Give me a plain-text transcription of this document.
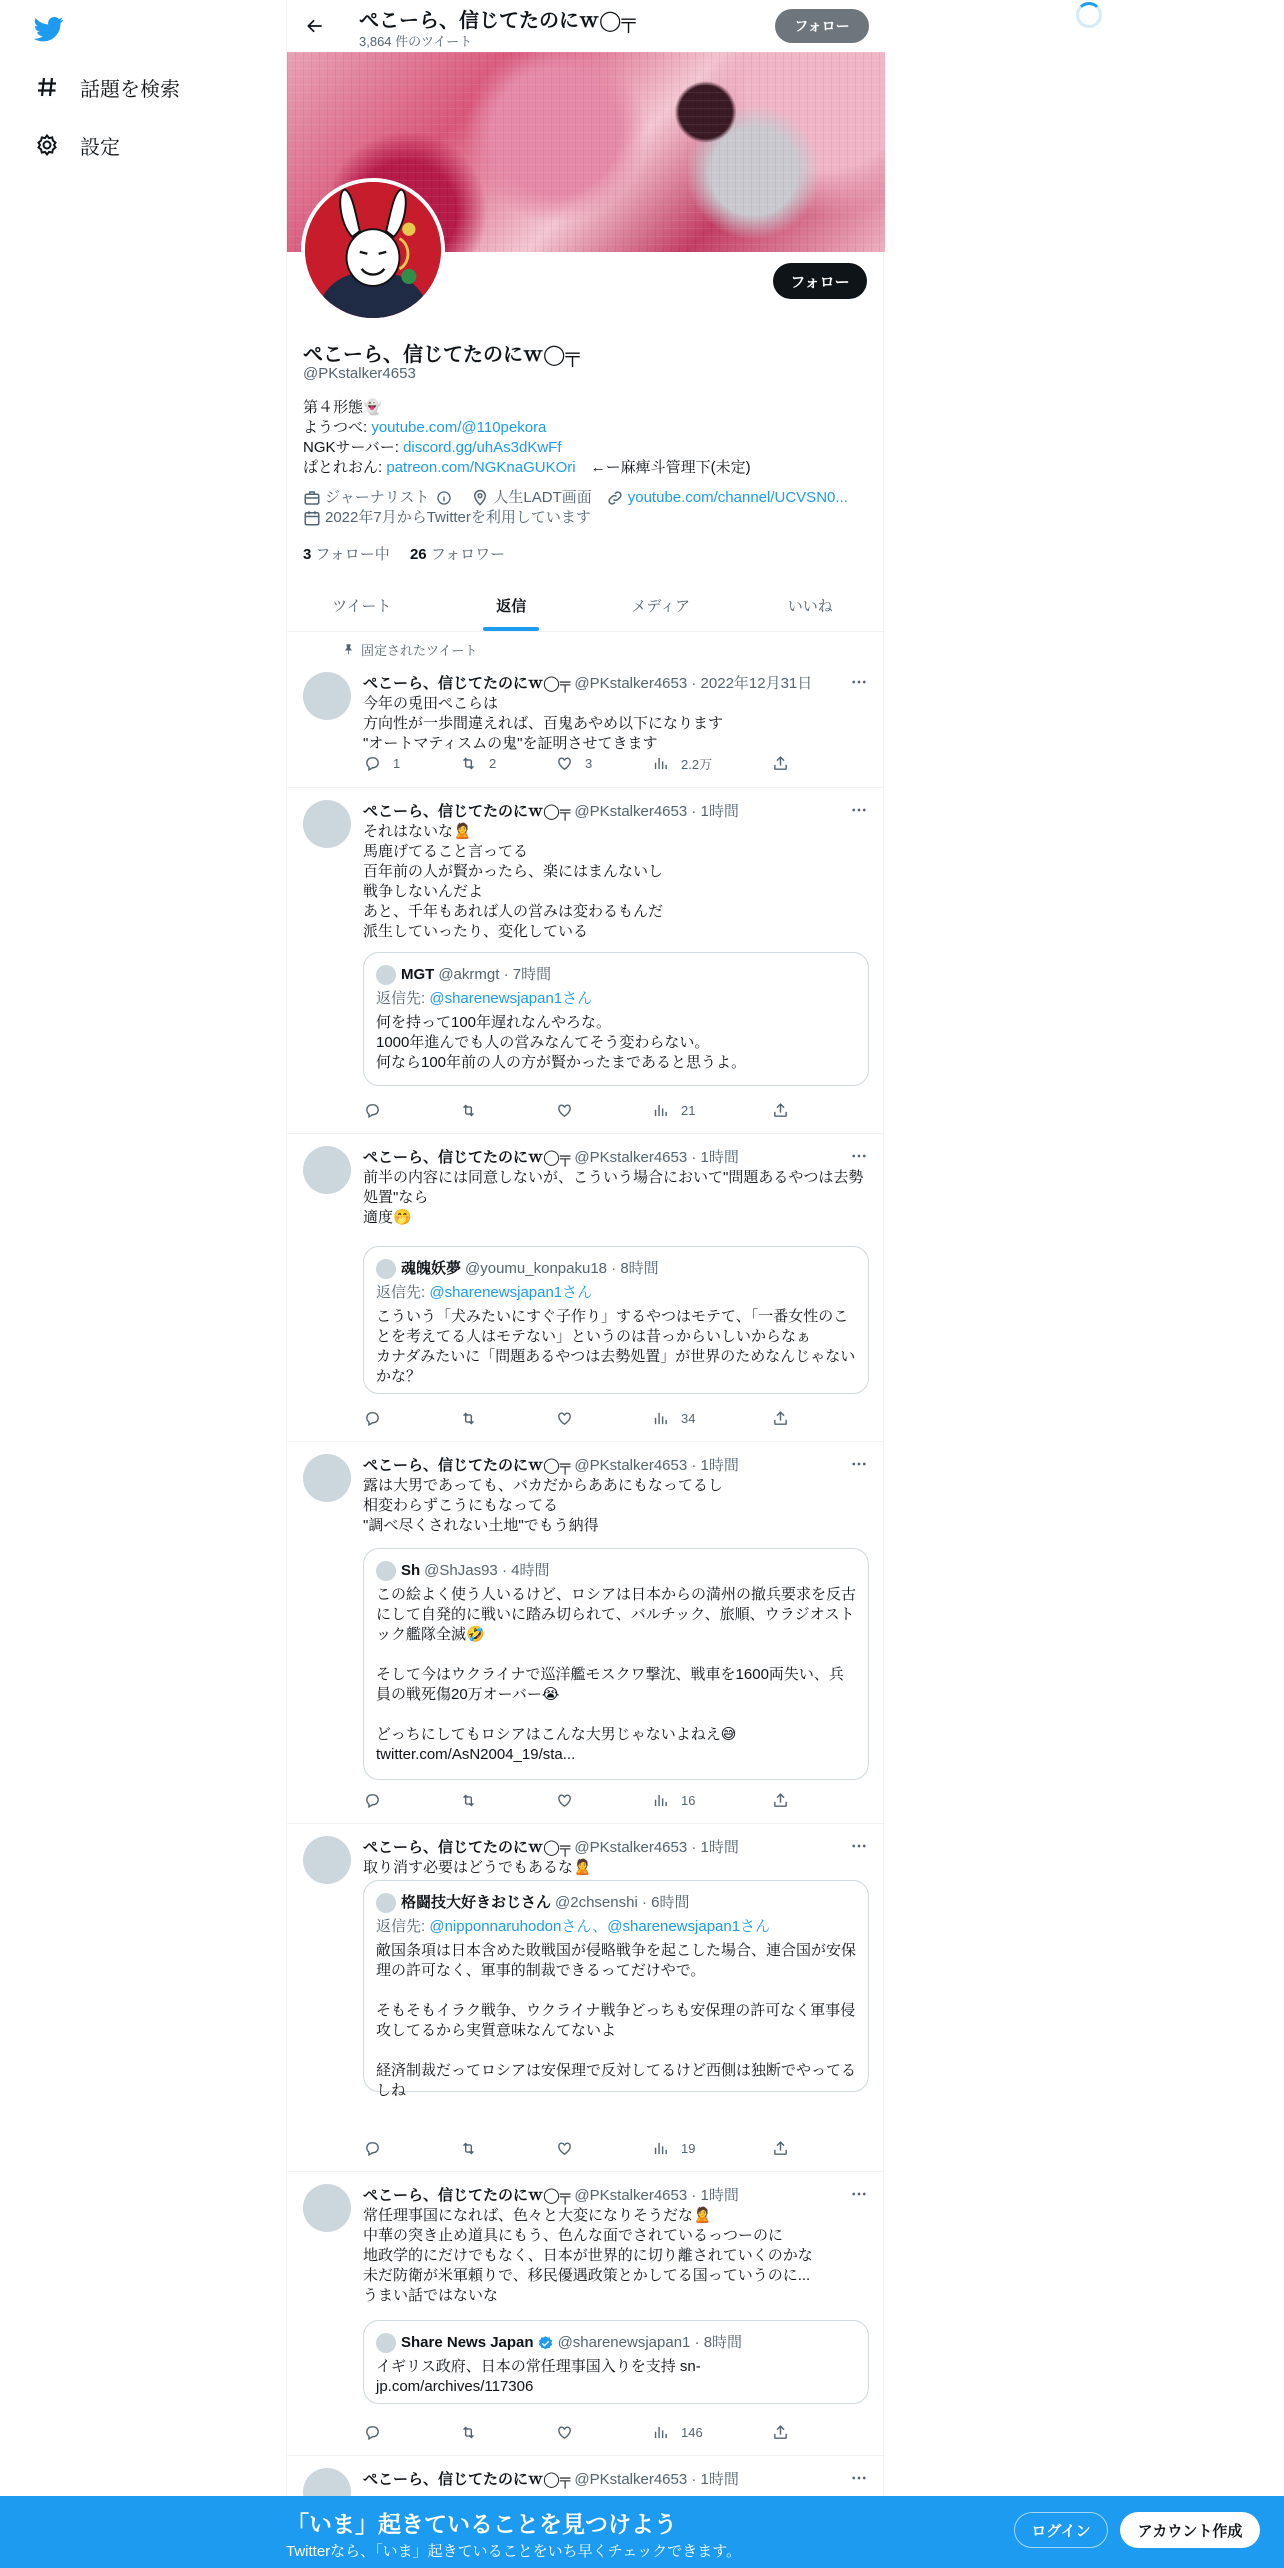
話題を検索
設定
ぺこーら、信じてたのにｗ◯╤
3,864 件のツイート
フォロー
フォロー
ぺこーら、信じてたのにｗ◯╤
@PKstalker4653
第４形態👻
ようつべ: youtube.com/@110pekora
NGKサーバー: discord.gg/uhAs3dKwFf
ぱとれおん: patreon.com/NGKnaGUKOri　←ー麻痺斗管理下(未定)
ジャーナリスト	人生LADT画面 youtube.com/channel/UCVSN0...
2022年7月からTwitterを利用しています
3 フォロー中 26 フォロワー
ツイート	返信	メディア	いいね
固定されたツイート
ぺこーら、信じてたのにｗ◯╤ @PKstalker4653 · 2022年12月31日
今年の兎田ぺこらは
方向性が一歩間違えれば、百鬼あやめ以下になります
"オートマティスムの鬼"を証明させてきます
1	2	3	2.2万
ぺこーら、信じてたのにｗ◯╤ @PKstalker4653 · 1時間
それはないな🙎
馬鹿げてること言ってる
百年前の人が賢かったら、楽にはまんないし
戦争しないんだよ
あと、千年もあれば人の営みは変わるもんだ
派生していったり、変化している
MGT @akrmgt · 7時間
返信先: @sharenewsjapan1さん
何を持って100年遅れなんやろな。
1000年進んでも人の営みなんてそう変わらない。
何なら100年前の人の方が賢かったまであると思うよ。
21
ぺこーら、信じてたのにｗ◯╤ @PKstalker4653 · 1時間
前半の内容には同意しないが、こういう場合において"問題あるやつは去勢
処置"なら
適度🤭
魂魄妖夢 @youmu_konpaku18 · 8時間
返信先: @sharenewsjapan1さん
こういう「犬みたいにすぐ子作り」するやつはモテて、「一番女性のこ
とを考えてる人はモテない」というのは昔っからいしいからなぁ
カナダみたいに「問題あるやつは去勢処置」が世界のためなんじゃない
かな？
34
ぺこーら、信じてたのにｗ◯╤ @PKstalker4653 · 1時間
露は大男であっても、バカだからああにもなってるし
相変わらずこうにもなってる
"調べ尽くされない土地"でもう納得
Sh @ShJas93 · 4時間
この絵よく使う人いるけど、ロシアは日本からの満州の撤兵要求を反古
にして自発的に戦いに踏み切られて、バルチック、旅順、ウラジオスト
ック艦隊全滅🤣
そして今はウクライナで巡洋艦モスクワ撃沈、戦車を1600両失い、兵
員の戦死傷20万オーバー😭
どっちにしてもロシアはこんな大男じゃないよねえ😅
twitter.com/AsN2004_19/sta...
16
ぺこーら、信じてたのにｗ◯╤ @PKstalker4653 · 1時間
取り消す必要はどうでもあるな🙎
格闘技大好きおじさん @2chsenshi · 6時間
返信先: @nipponnaruhodonさん、@sharenewsjapan1さん
敵国条項は日本含めた敗戦国が侵略戦争を起こした場合、連合国が安保
理の許可なく、軍事的制裁できるってだけやで。
そもそもイラク戦争、ウクライナ戦争どっちも安保理の許可なく軍事侵
攻してるから実質意味なんてないよ
経済制裁だってロシアは安保理で反対してるけど西側は独断でやってる
しね
19
ぺこーら、信じてたのにｗ◯╤ @PKstalker4653 · 1時間
常任理事国になれば、色々と大変になりそうだな🙎
中華の突き止め道具にもう、色んな面でされているっつーのに
地政学的にだけでもなく、日本が世界的に切り離されていくのかな
未だ防衛が米軍頼りで、移民優遇政策とかしてる国っていうのに...
うまい話ではないな
Share News Japan @sharenewsjapan1 · 8時間
イギリス政府、日本の常任理事国入りを支持 sn-
jp.com/archives/117306
146
ぺこーら、信じてたのにｗ◯╤ @PKstalker4653 · 1時間
「いま」起きていることを見つけよう
Twitterなら、「いま」起きていることをいち早くチェックできます。
ログイン	アカウント作成
